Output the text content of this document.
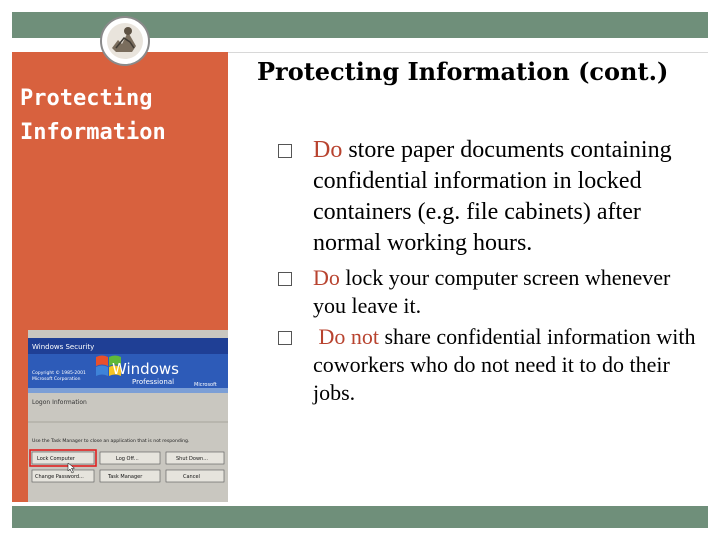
Protecting
Information
Protecting Information (cont.)
Do store paper documents containing confidential information in locked containers (e.g. file cabinets) after normal working hours.
Do lock your computer screen whenever you leave it.
Do not share confidential information with coworkers who do not need it to do their jobs.
Windows Security
Windows
Professional
Copyright © 1985-2001
Microsoft Corporation
Microsoft
Logon Information
Use the Task Manager to close an application that is not responding.
Lock Computer	Log Off...	Shut Down...
Change Password...	Task Manager	Cancel
